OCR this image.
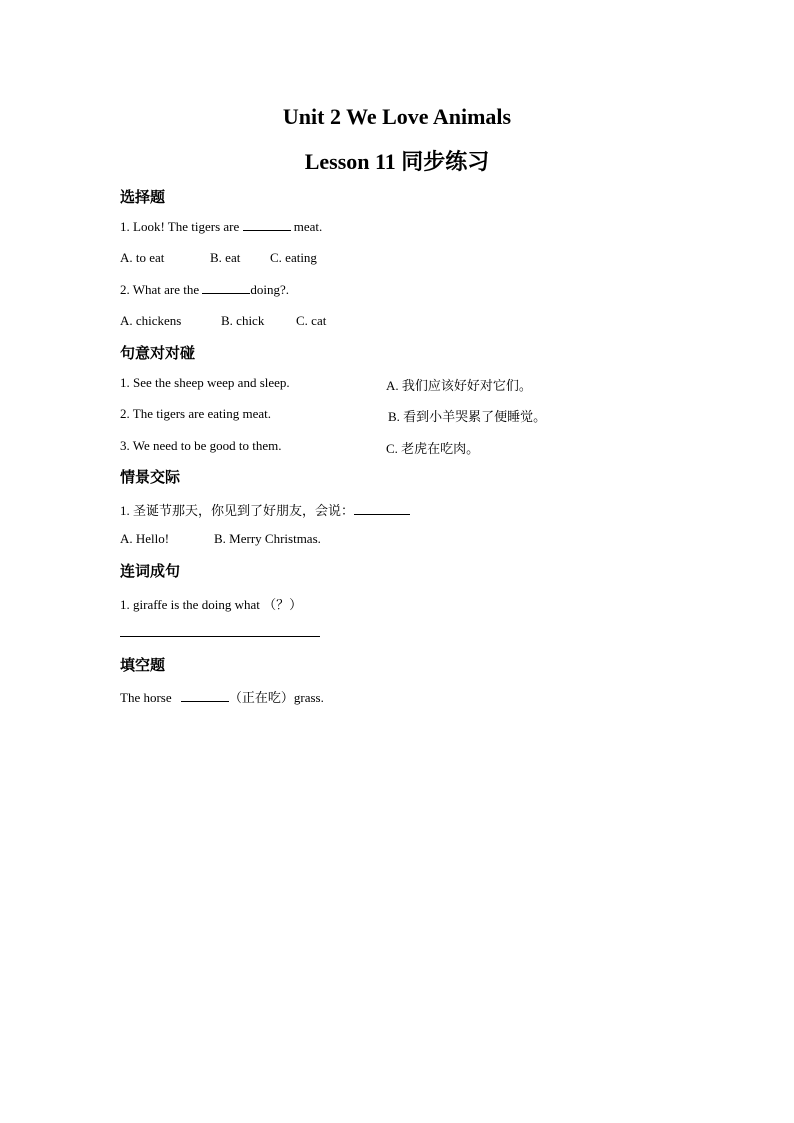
Unit 2 We Love Animals
Lesson 11 同步练习
选择题
1. Look! The tigers are	meat.
A. to eat	B. eat C. eating
2. What are the	doing?.
A. chickens	B. chick C. cat
句意对对碰
1. See the sheep weep and sleep.	A. 我们应该好好对它们。
2. The tigers are eating meat.	B. 看到小羊哭累了便睡觉。
3. We need to be good to them.	C. 老虎在吃肉。
情景交际
1. 圣诞节那天，你见到了好朋友，会说：
A. Hello!	B. Merry Christmas.
连词成句
1. giraffe is the doing what （？）
填空题
The horse	（正在吃）grass.
